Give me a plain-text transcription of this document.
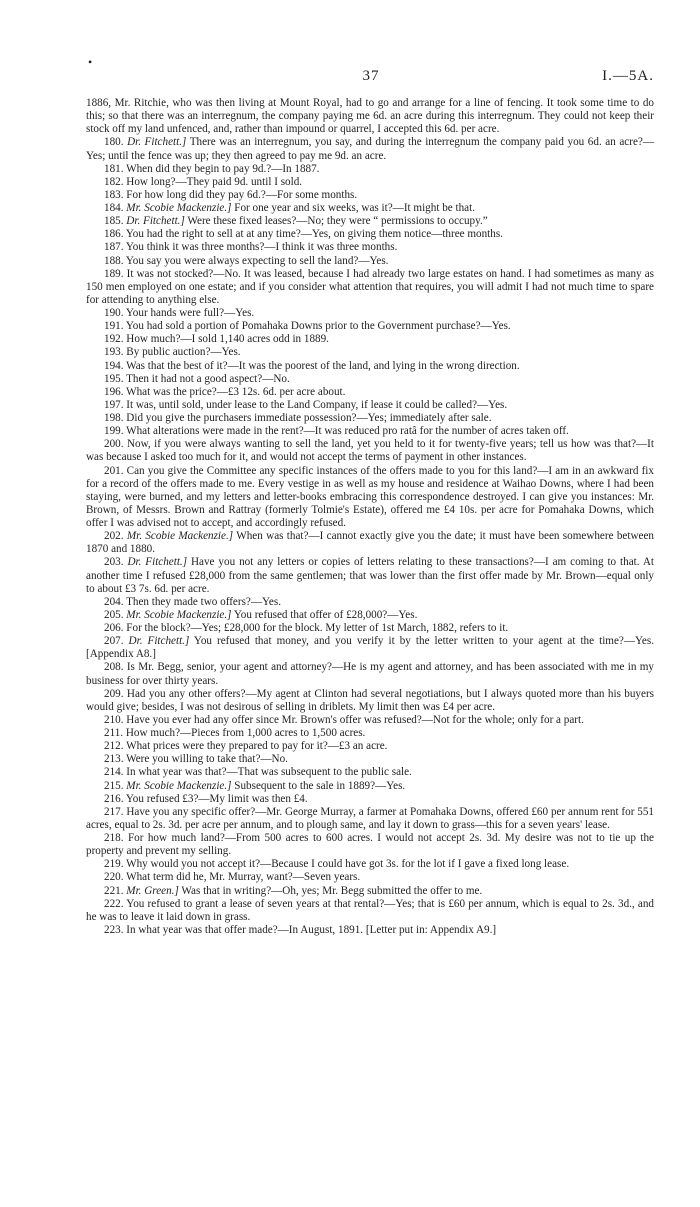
•
37	I.—5A.

1886, Mr. Ritchie, who was then living at Mount Royal, had to go and arrange for a line of fencing. It took some time to do this; so that there was an interregnum, the company paying me 6d. an acre during this interregnum. They could not keep their stock off my land unfenced, and, rather than impound or quarrel, I accepted this 6d. per acre.

180. Dr. Fitchett.] There was an interregnum, you say, and during the interregnum the company paid you 6d. an acre?—Yes; until the fence was up; they then agreed to pay me 9d. an acre.

181. When did they begin to pay 9d.?—In 1887.

182. How long?—They paid 9d. until I sold.

183. For how long did they pay 6d.?—For some months.

184. Mr. Scobie Mackenzie.] For one year and six weeks, was it?—It might be that.

185. Dr. Fitchett.] Were these fixed leases?—No; they were “ permissions to occupy.”

186. You had the right to sell at at any time?—Yes, on giving them notice—three months.

187. You think it was three months?—I think it was three months.

188. You say you were always expecting to sell the land?—Yes.

189. It was not stocked?—No. It was leased, because I had already two large estates on hand. I had sometimes as many as 150 men employed on one estate; and if you consider what attention that requires, you will admit I had not much time to spare for attending to anything else.

190. Your hands were full?—Yes.

191. You had sold a portion of Pomahaka Downs prior to the Government purchase?—Yes.

192. How much?—I sold 1,140 acres odd in 1889.

193. By public auction?—Yes.

194. Was that the best of it?—It was the poorest of the land, and lying in the wrong direction.

195. Then it had not a good aspect?—No.

196. What was the price?—£3 12s. 6d. per acre about.

197. It was, until sold, under lease to the Land Company, if lease it could be called?—Yes.

198. Did you give the purchasers immediate possession?—Yes; immediately after sale.

199. What alterations were made in the rent?—It was reduced pro ratâ for the number of acres taken off.

200. Now, if you were always wanting to sell the land, yet you held to it for twenty-five years; tell us how was that?—It was because I asked too much for it, and would not accept the terms of payment in other instances.

201. Can you give the Committee any specific instances of the offers made to you for this land?—I am in an awkward fix for a record of the offers made to me. Every vestige in as well as my house and residence at Waihao Downs, where I had been staying, were burned, and my letters and letter-books embracing this correspondence destroyed. I can give you instances: Mr. Brown, of Messrs. Brown and Rattray (formerly Tolmie's Estate), offered me £4 10s. per acre for Pomahaka Downs, which offer I was advised not to accept, and accordingly refused.

202. Mr. Scobie Mackenzie.] When was that?—I cannot exactly give you the date; it must have been somewhere between 1870 and 1880.

203. Dr. Fitchett.] Have you not any letters or copies of letters relating to these transactions?—I am coming to that. At another time I refused £28,000 from the same gentlemen; that was lower than the first offer made by Mr. Brown—equal only to about £3 7s. 6d. per acre.

204. Then they made two offers?—Yes.

205. Mr. Scobie Mackenzie.] You refused that offer of £28,000?—Yes.

206. For the block?—Yes; £28,000 for the block. My letter of 1st March, 1882, refers to it.

207. Dr. Fitchett.] You refused that money, and you verify it by the letter written to your agent at the time?—Yes. [Appendix A8.]

208. Is Mr. Begg, senior, your agent and attorney?—He is my agent and attorney, and has been associated with me in my business for over thirty years.

209. Had you any other offers?—My agent at Clinton had several negotiations, but I always quoted more than his buyers would give; besides, I was not desirous of selling in driblets. My limit then was £4 per acre.

210. Have you ever had any offer since Mr. Brown's offer was refused?—Not for the whole; only for a part.

211. How much?—Pieces from 1,000 acres to 1,500 acres.

212. What prices were they prepared to pay for it?—£3 an acre.

213. Were you willing to take that?—No.

214. In what year was that?—That was subsequent to the public sale.

215. Mr. Scobie Mackenzie.] Subsequent to the sale in 1889?—Yes.

216. You refused £3?—My limit was then £4.

217. Have you any specific offer?—Mr. George Murray, a farmer at Pomahaka Downs, offered £60 per annum rent for 551 acres, equal to 2s. 3d. per acre per annum, and to plough same, and lay it down to grass—this for a seven years' lease.

218. For how much land?—From 500 acres to 600 acres. I would not accept 2s. 3d. My desire was not to tie up the property and prevent my selling.

219. Why would you not accept it?—Because I could have got 3s. for the lot if I gave a fixed long lease.

220. What term did he, Mr. Murray, want?—Seven years.

221. Mr. Green.] Was that in writing?—Oh, yes; Mr. Begg submitted the offer to me.

222. You refused to grant a lease of seven years at that rental?—Yes; that is £60 per annum, which is equal to 2s. 3d., and he was to leave it laid down in grass.

223. In what year was that offer made?—In August, 1891. [Letter put in: Appendix A9.]
